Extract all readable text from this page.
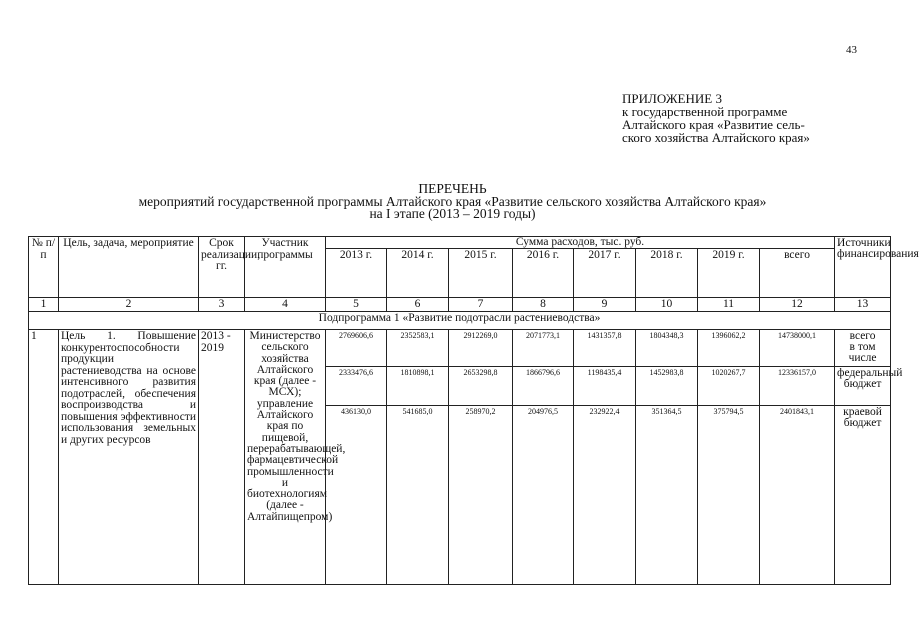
43
ПРИЛОЖЕНИЕ 3
к государственной программе
Алтайского края «Развитие сель-
ского хозяйства Алтайского края»
ПЕРЕЧЕНЬ
мероприятий государственной программы Алтайского края «Развитие сельского хозяйства Алтайского края»
на I этапе (2013 – 2019 годы)
№ п/п	Цель, задача, мероприятие	Срок реализации, гг.	Участник программы	Сумма расходов, тыс. руб.								Источники финансирования
				2013 г.	2014 г.	2015 г.	2016 г.	2017 г.	2018 г.	2019 г.	всего	
1	2	3	4	5	6	7	8	9	10	11	12	13
Подпрограмма 1 «Развитие подотрасли растениеводства»												
1	Цель 1. Повышение конкурентоспособности продукции растениеводства на основе интенсивного развития подотраслей, обеспечения воспроизводства и повышения эффективности использования земельных и других ресурсов	2013 - 2019	Министерство сельского хозяйства Алтайского края (далее - МСХ); управление Алтайского края по пищевой, перерабатывающей, фармацевтической промышленности и биотехнологиям (далее - Алтайпищепром)	2769606,6	2352583,1	2912269,0	2071773,1	1431357,8	1804348,3	1396062,2	14738000,1	всего
в том числе

				2333476,6	1810898,1	2653298,8	1866796,6	1198435,4	1452983,8	1020267,7	12336157,0	федеральный бюджет
				436130,0	541685,0	258970,2	204976,5	232922,4	351364,5	375794,5	2401843,1	краевой бюджет
